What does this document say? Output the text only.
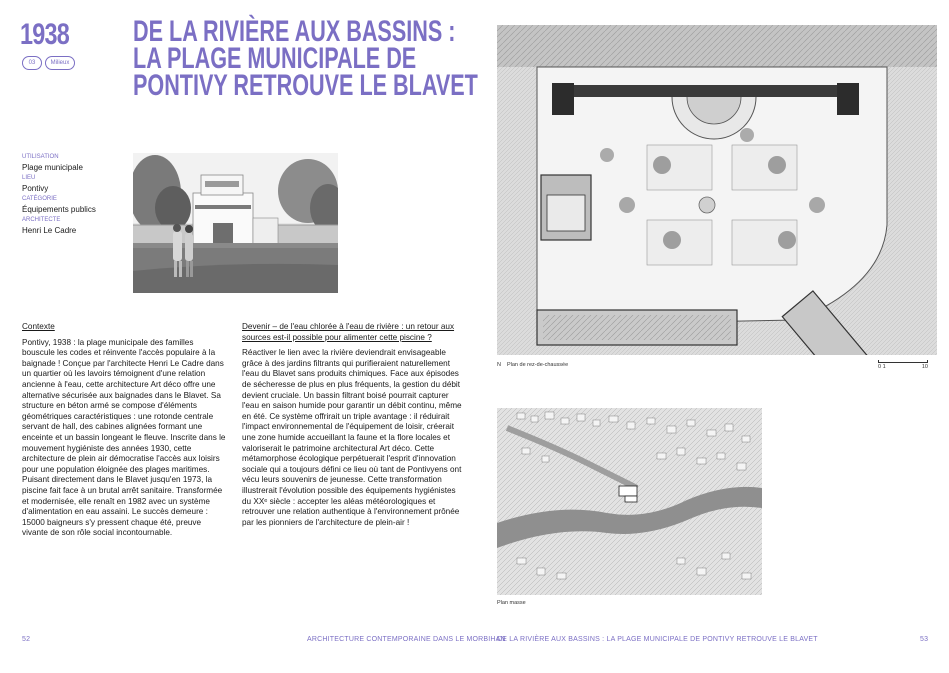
1938
03	Milieux
DE LA RIVIÈRE AUX BASSINS :
LA PLAGE MUNICIPALE DE
PONTIVY RETROUVE LE BLAVET
UTILISATION
Plage municipale
LIEU
Pontivy
CATÉGORIE
Équipements publics
ARCHITECTE
Henri Le Cadre
Contexte

Pontivy, 1938 : la plage municipale des familles bouscule les codes et réinvente l'accès populaire à la baignade ! Conçue par l'architecte Henri Le Cadre dans un quartier où les lavoirs témoignent d'une relation ancienne à l'eau, cette architecture Art déco offre une alternative sécurisée aux baignades dans le Blavet. Sa structure en béton armé se compose d'éléments géométriques caractéristiques : une rotonde centrale servant de hall, des cabines alignées formant une enceinte et un bassin longeant le fleuve. Inscrite dans le mouvement hygiéniste des années 1930, cette architecture de plein air démocratise l'accès aux loisirs pour une population éloignée des plages maritimes. Puisant directement dans le Blavet jusqu'en 1973, la piscine fait face à un brutal arrêt sanitaire. Transformée et modernisée, elle renaît en 1982 avec un système d'alimentation en eau assaini. Le succès demeure : 15000 baigneurs s'y pressent chaque été, preuve vivante de son rôle social incontournable.

Devenir – de l'eau chlorée à l'eau de rivière : un retour aux sources est-il possible pour alimenter cette piscine ?

Réactiver le lien avec la rivière deviendrait envisageable grâce à des jardins filtrants qui purifieraient naturellement l'eau du Blavet sans produits chimiques. Face aux épisodes de sécheresse de plus en plus fréquents, la gestion du débit devient cruciale. Un bassin filtrant boisé pourrait capturer l'eau en saison humide pour garantir un débit continu, même en été. Ce système offrirait un triple avantage : il réduirait l'impact environnemental de l'équipement de loisir, créerait une zone humide accueillant la faune et la flore locales et valoriserait le patrimoine architectural Art déco. Cette métamorphose écologique perpétuerait l'esprit d'innovation sociale qui a toujours défini ce lieu où tant de Pontivyens ont vécu leurs souvenirs de jeunesse. Cette transformation illustrerait l'évolution possible des équipements hygiénistes du XXᵉ siècle : accepter les aléas météorologiques et retrouver une relation authentique à l'environnement prônée par les pionniers de l'architecture de plein-air !

N Plan de rez-de-chaussée	0 1	10
Plan masse
52	ARCHITECTURE CONTEMPORAINE DANS LE MORBIHAN
DE LA RIVIÈRE AUX BASSINS : LA PLAGE MUNICIPALE DE PONTIVY RETROUVE LE BLAVET	53
